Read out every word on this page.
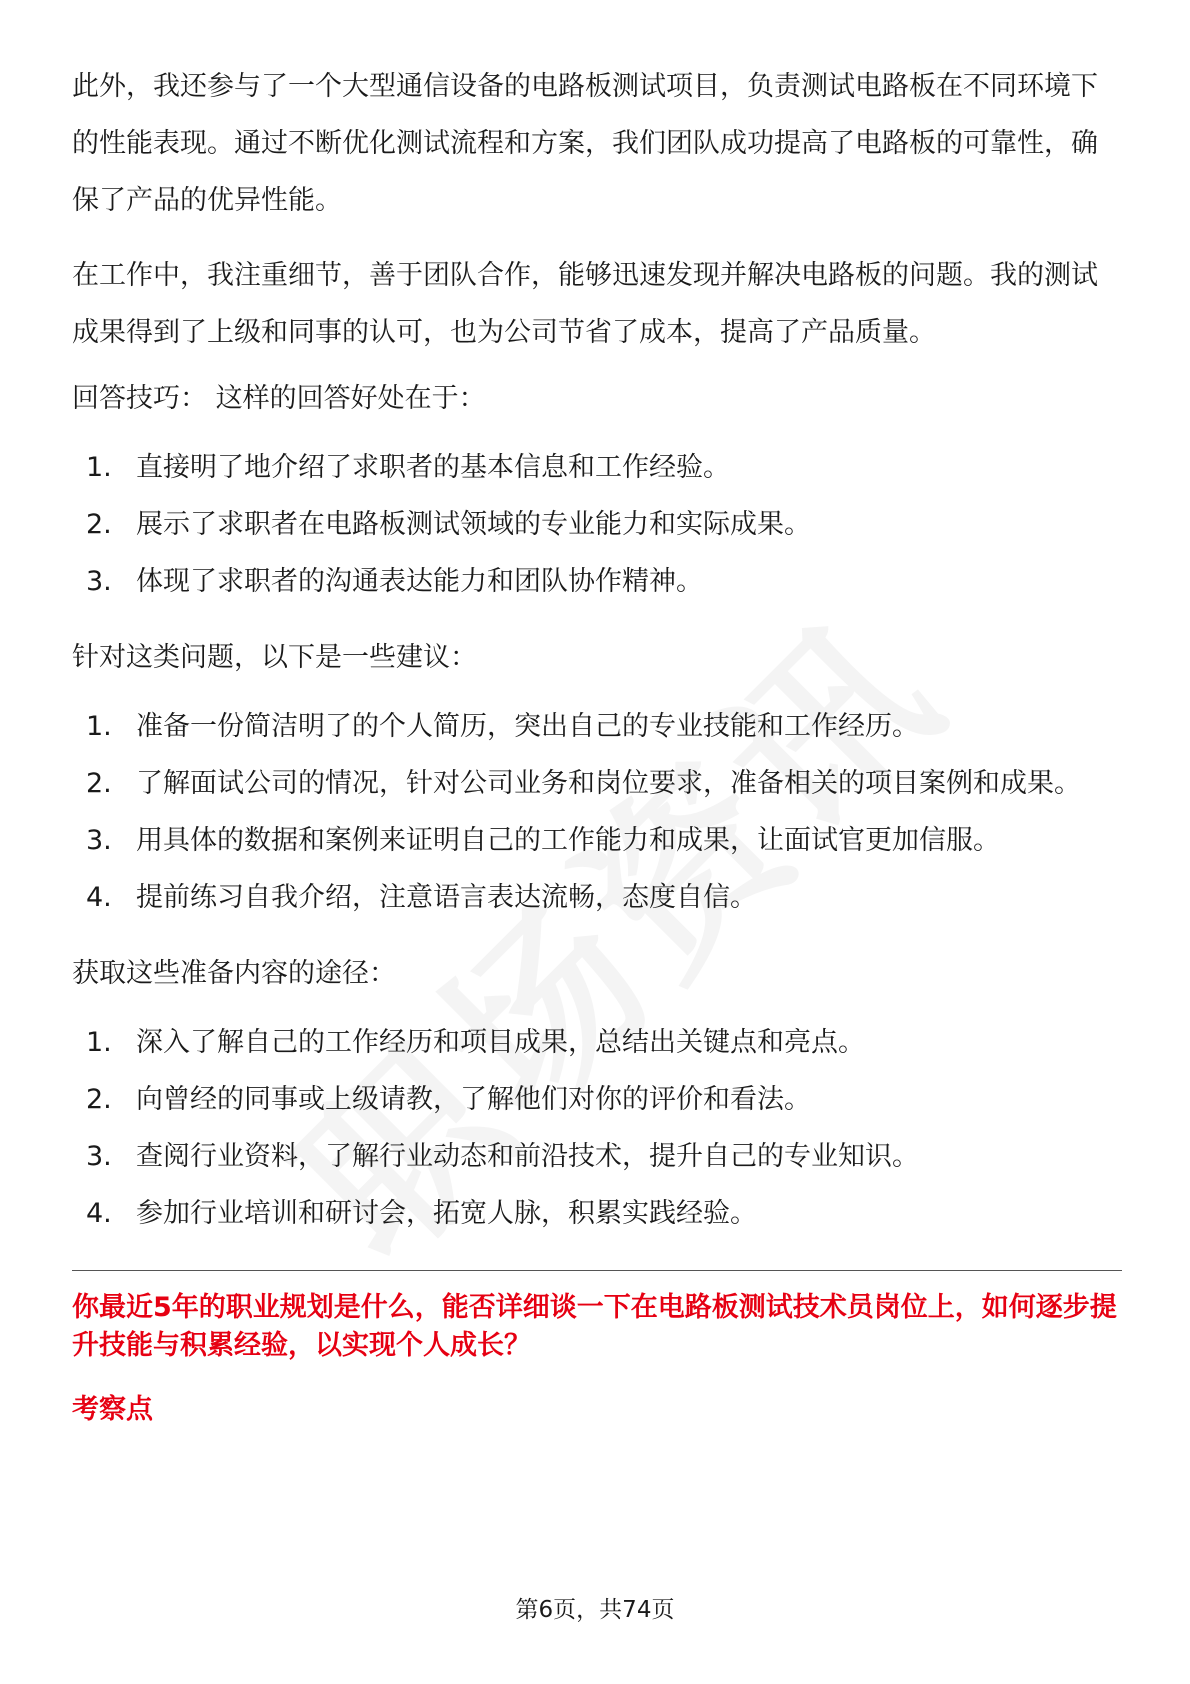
此外，我还参与了一个大型通信设备的电路板测试项目，负责测试电路板在不同环境下的性能表现。通过不断优化测试流程和方案，我们团队成功提高了电路板的可靠性，确保了产品的优异性能。

在工作中，我注重细节，善于团队合作，能够迅速发现并解决电路板的问题。我的测试成果得到了上级和同事的认可，也为公司节省了成本，提高了产品质量。

回答技巧： 这样的回答好处在于：

1. 直接明了地介绍了求职者的基本信息和工作经验。
2. 展示了求职者在电路板测试领域的专业能力和实际成果。
3. 体现了求职者的沟通表达能力和团队协作精神。

针对这类问题，以下是一些建议：

1. 准备一份简洁明了的个人简历，突出自己的专业技能和工作经历。
2. 了解面试公司的情况，针对公司业务和岗位要求，准备相关的项目案例和成果。
3. 用具体的数据和案例来证明自己的工作能力和成果，让面试官更加信服。
4. 提前练习自我介绍，注意语言表达流畅，态度自信。

获取这些准备内容的途径：

1. 深入了解自己的工作经历和项目成果，总结出关键点和亮点。
2. 向曾经的同事或上级请教，了解他们对你的评价和看法。
3. 查阅行业资料，了解行业动态和前沿技术，提升自己的专业知识。
4. 参加行业培训和研讨会，拓宽人脉，积累实践经验。

你最近5年的职业规划是什么，能否详细谈一下在电路板测试技术员岗位上，如何逐步提升技能与积累经验，以实现个人成长？

考察点

第6页，共74页
